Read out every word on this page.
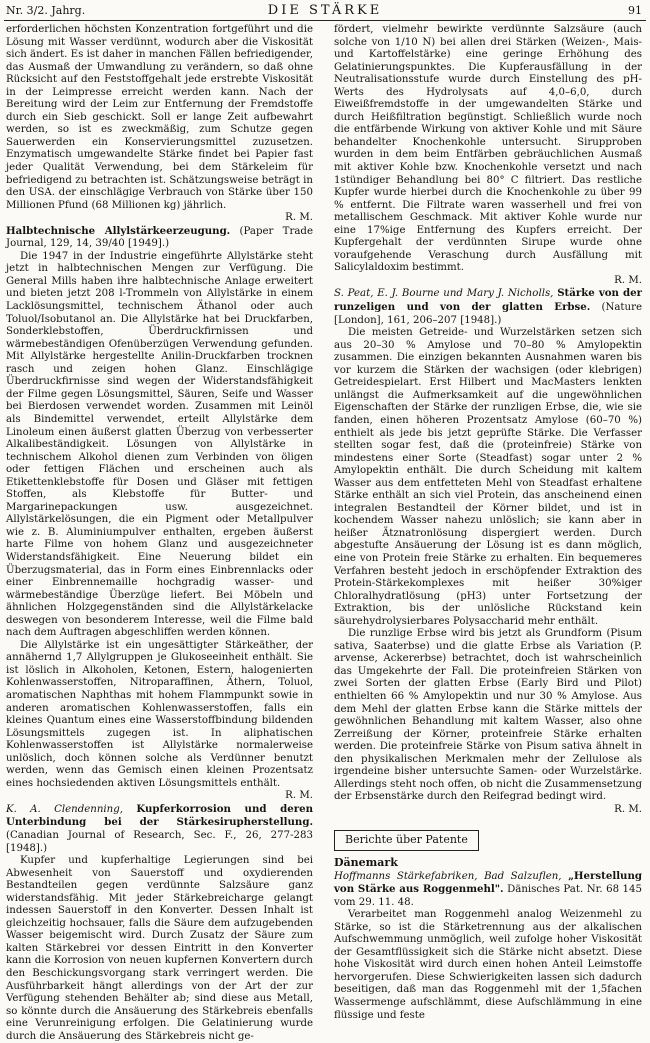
Nr. 3/2. Jahrg.	DIE STÄRKE	91

erforderlichen höchsten Konzentration fortgeführt und die Lösung mit Wasser verdünnt, wodurch aber die Viskosität sich ändert. Es ist daher in manchen Fällen befriedigender, das Ausmaß der Umwandlung zu verändern, so daß ohne Rücksicht auf den Feststoffgehalt jede erstrebte Viskosität in der Leimpresse erreicht werden kann. Nach der Bereitung wird der Leim zur Entfernung der Fremdstoffe durch ein Sieb geschickt. Soll er lange Zeit aufbewahrt werden, so ist es zweckmäßig, zum Schutze gegen Sauerwerden ein Konservierungsmittel zuzusetzen. Enzymatisch umgewandelte Stärke findet bei Papier fast jeder Qualität Verwendung, bei dem Stärkeleim für befriedigend zu betrachten ist. Schätzungsweise beträgt in den USA. der einschlägige Verbrauch von Stärke über 150 Millionen Pfund (68 Millionen kg) jährlich.

R. M.

Halbtechnische Allylstärkeerzeugung. (Paper Trade Journal, 129, 14, 39/40 [1949].)

Die 1947 in der Industrie eingeführte Allylstärke steht jetzt in halbtechnischen Mengen zur Verfügung. Die General Mills haben ihre halbtechnische Anlage erweitert und bieten jetzt 208 l-Trommeln von Allylstärke in einem Lacklösungsmittel, technischem Äthanol oder auch Toluol/Isobutanol an. Die Allylstärke hat bei Druckfarben, Sonderklebstoffen, Überdruckfirnissen und wärmebeständigen Ofenüberzügen Verwendung gefunden. Mit Allylstärke hergestellte Anilin-Druckfarben trocknen rasch und zeigen hohen Glanz. Einschlägige Überdruckfirnisse sind wegen der Widerstandsfähigkeit der Filme gegen Lösungsmittel, Säuren, Seife und Wasser bei Bierdosen verwendet worden. Zusammen mit Leinöl als Bindemittel verwendet, erteilt Allylstärke dem Linoleum einen äußerst glatten Überzug von verbesserter Alkalibeständigkeit. Lösungen von Allylstärke in technischem Alkohol dienen zum Verbinden von öligen oder fettigen Flächen und erscheinen auch als Etikettenklebstoffe für Dosen und Gläser mit fettigen Stoffen, als Klebstoffe für Butter- und Margarinepackungen usw. ausgezeichnet. Allylstärkelösungen, die ein Pigment oder Metallpulver wie z. B. Aluminiumpulver enthalten, ergeben äußerst harte Filme von hohem Glanz und ausgezeichneter Widerstandsfähigkeit. Eine Neuerung bildet ein Überzugsmaterial, das in Form eines Einbrennlacks oder einer Einbrennemaille hochgradig wasser- und wärmebeständige Überzüge liefert. Bei Möbeln und ähnlichen Holzgegenständen sind die Allylstärkelacke deswegen von besonderem Interesse, weil die Filme bald nach dem Auftragen abgeschliffen werden können.

Die Allylstärke ist ein ungesättigter Stärkeäther, der annähernd 1,7 Allylgruppen je Glukoseeinheit enthält. Sie ist löslich in Alkoholen, Ketonen, Estern, halogenierten Kohlenwasserstoffen, Nitroparaffinen, Äthern, Toluol, aromatischen Naphthas mit hohem Flammpunkt sowie in anderen aromatischen Kohlenwasserstoffen, falls ein kleines Quantum eines eine Wasserstoffbindung bildenden Lösungsmittels zugegen ist. In aliphatischen Kohlenwasserstoffen ist Allylstärke normalerweise unlöslich, doch können solche als Verdünner benutzt werden, wenn das Gemisch einen kleinen Prozentsatz eines hochsiedenden aktiven Lösungsmittels enthält.

R. M.

K. A. Clendenning, Kupferkorrosion und deren Unterbindung bei der Stärkesirupherstellung. (Canadian Journal of Research, Sec. F., 26, 277-283 [1948].)

Kupfer und kupferhaltige Legierungen sind bei Abwesenheit von Sauerstoff und oxydierenden Bestandteilen gegen verdünnte Salzsäure ganz widerstandsfähig. Mit jeder Stärkebreicharge gelangt indessen Sauerstoff in den Konverter. Dessen Inhalt ist gleichzeitig hochsauer, falls die Säure dem aufzugebenden Wasser beigemischt wird. Durch Zusatz der Säure zum kalten Stärkebrei vor dessen Eintritt in den Konverter kann die Korrosion von neuen kupfernen Konvertern durch den Beschickungsvorgang stark verringert werden. Die Ausführbarkeit hängt allerdings von der Art der zur Verfügung stehenden Behälter ab; sind diese aus Metall, so könnte durch die Ansäuerung des Stärkebreis ebenfalls eine Verunreinigung erfolgen. Die Gelatinierung wurde durch die Ansäuerung des Stärkebreis nicht ge-

fördert, vielmehr bewirkte verdünnte Salzsäure (auch solche von 1/10 N) bei allen drei Stärken (Weizen-, Mais- und Kartoffelstärke) eine geringe Erhöhung des Gelatinierungspunktes. Die Kupferausfällung in der Neutralisationsstufe wurde durch Einstellung des pH-Werts des Hydrolysats auf 4,0–6,0, durch Eiweißfremdstoffe in der umgewandelten Stärke und durch Heißfiltration begünstigt. Schließlich wurde noch die entfärbende Wirkung von aktiver Kohle und mit Säure behandelter Knochenkohle untersucht. Sirupproben wurden in dem beim Entfärben gebräuchlichen Ausmaß mit aktiver Kohle bzw. Knochenkohle versetzt und nach 1stündiger Behandlung bei 80° C filtriert. Das restliche Kupfer wurde hierbei durch die Knochenkohle zu über 99 % entfernt. Die Filtrate waren wasserhell und frei von metallischem Geschmack. Mit aktiver Kohle wurde nur eine 17%ige Entfernung des Kupfers erreicht. Der Kupfergehalt der verdünnten Sirupe wurde ohne voraufgehende Veraschung durch Ausfällung mit Salicylaldoxim bestimmt.

R. M.

S. Peat, E. J. Bourne und Mary J. Nicholls, Stärke von der runzeligen und von der glatten Erbse. (Nature [London], 161, 206–207 [1948].)

Die meisten Getreide- und Wurzelstärken setzen sich aus 20–30 % Amylose und 70–80 % Amylopektin zusammen. Die einzigen bekannten Ausnahmen waren bis vor kurzem die Stärken der wachsigen (oder klebrigen) Getreidespielart. Erst Hilbert und MacMasters lenkten unlängst die Aufmerksamkeit auf die ungewöhnlichen Eigenschaften der Stärke der runzligen Erbse, die, wie sie fanden, einen höheren Prozentsatz Amylose (60–70 %) enthielt als jede bis jetzt geprüfte Stärke. Die Verfasser stellten sogar fest, daß die (proteinfreie) Stärke von mindestens einer Sorte (Steadfast) sogar unter 2 % Amylopektin enthält. Die durch Scheidung mit kaltem Wasser aus dem entfetteten Mehl von Steadfast erhaltene Stärke enthält an sich viel Protein, das anscheinend einen integralen Bestandteil der Körner bildet, und ist in kochendem Wasser nahezu unlöslich; sie kann aber in heißer Ätznatronlösung dispergiert werden. Durch abgestufte Ansäuerung der Lösung ist es dann möglich, eine von Protein freie Stärke zu erhalten. Ein bequemeres Verfahren besteht jedoch in erschöpfender Extraktion des Protein-Stärkekomplexes mit heißer 30%iger Chloralhydratlösung (pH3) unter Fortsetzung der Extraktion, bis der unlösliche Rückstand kein säurehydrolysierbares Polysaccharid mehr enthält.

Die runzlige Erbse wird bis jetzt als Grundform (Pisum sativa, Saaterbse) und die glatte Erbse als Variation (P. arvense, Ackererbse) betrachtet, doch ist wahrscheinlich das Umgekehrte der Fall. Die proteinfreien Stärken von zwei Sorten der glatten Erbse (Early Bird und Pilot) enthielten 66 % Amylopektin und nur 30 % Amylose. Aus dem Mehl der glatten Erbse kann die Stärke mittels der gewöhnlichen Behandlung mit kaltem Wasser, also ohne Zerreißung der Körner, proteinfreie Stärke erhalten werden. Die proteinfreie Stärke von Pisum sativa ähnelt in den physikalischen Merkmalen mehr der Zellulose als irgendeine bisher untersuchte Samen- oder Wurzelstärke. Allerdings steht noch offen, ob nicht die Zusammensetzung der Erbsenstärke durch den Reifegrad bedingt wird.

R. M.
Berichte über Patente

Dänemark

Hoffmanns Stärkefabriken, Bad Salzuflen, „Herstellung von Stärke aus Roggenmehl". Dänisches Pat. Nr. 68 145 vom 29. 11. 48.

Verarbeitet man Roggenmehl analog Weizenmehl zu Stärke, so ist die Stärketrennung aus der alkalischen Aufschwemmung unmöglich, weil zufolge hoher Viskosität der Gesamtflüssigkeit sich die Stärke nicht absetzt. Diese hohe Viskosität wird durch einen hohen Anteil Leimstoffe hervorgerufen. Diese Schwierigkeiten lassen sich dadurch beseitigen, daß man das Roggenmehl mit der 1,5fachen Wassermenge aufschlämmt, diese Aufschlämmung in eine flüssige und feste
